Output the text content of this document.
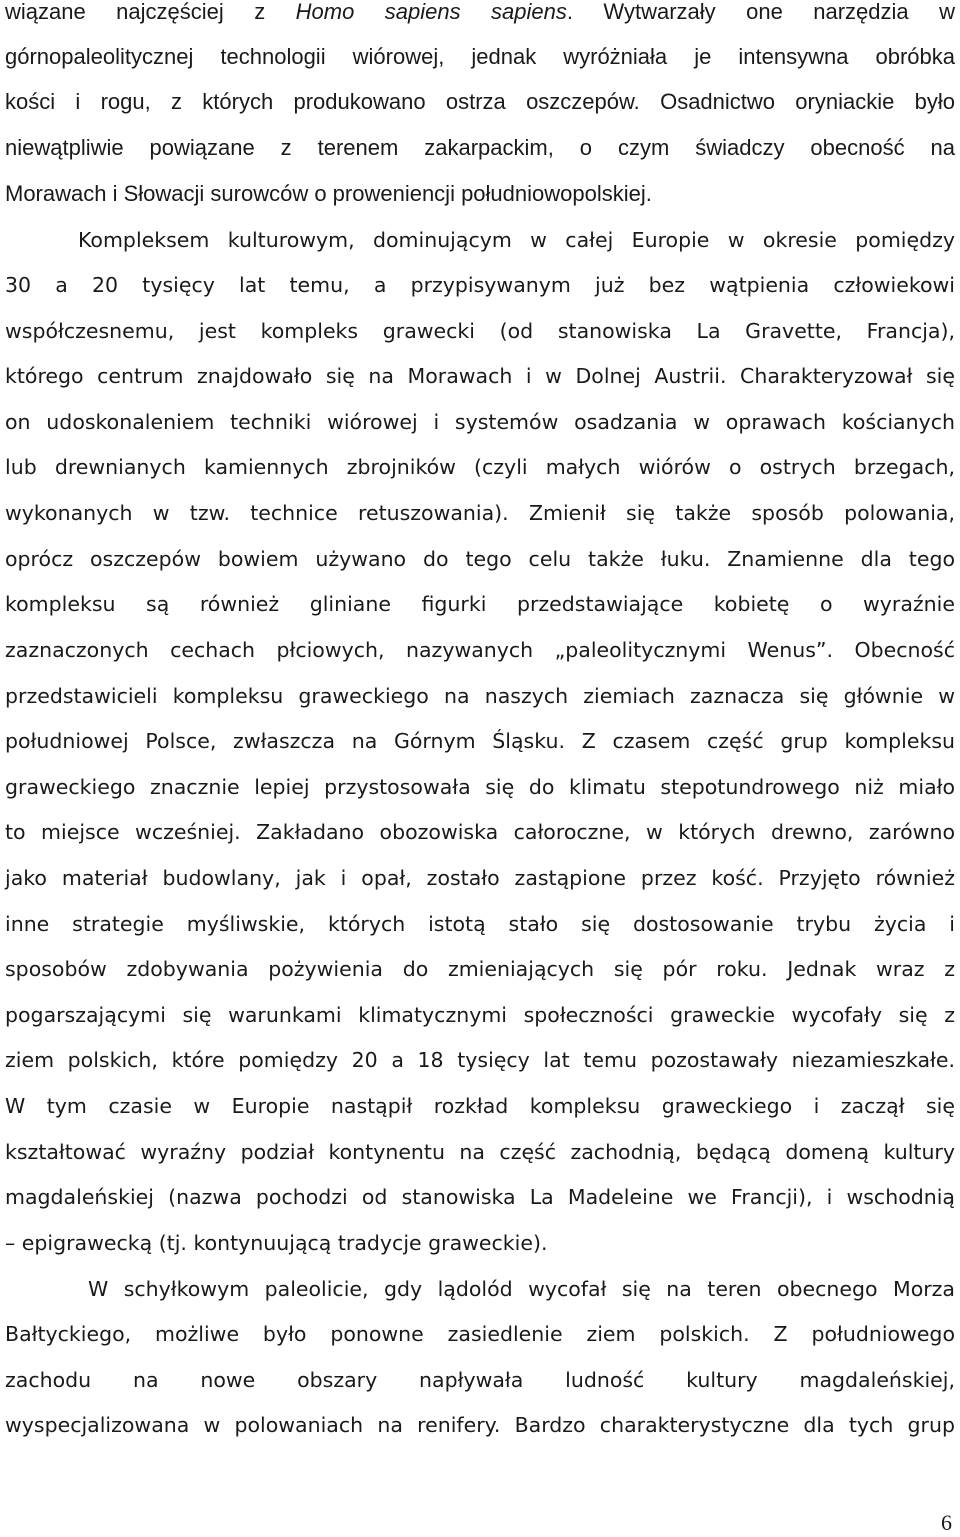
wiązane najczęściej z Homo sapiens sapiens. Wytwarzały one narzędzia w
górnopaleolitycznej technologii wiórowej, jednak wyróżniała je intensywna obróbka
kości i rogu, z których produkowano ostrza oszczepów. Osadnictwo oryniackie było
niewątpliwie powiązane z terenem zakarpackim, o czym świadczy obecność na
Morawach i Słowacji surowców o proweniencji południowopolskiej.
Kompleksem kulturowym, dominującym w całej Europie w okresie pomiędzy
30 a 20 tysięcy lat temu, a przypisywanym już bez wątpienia człowiekowi
współczesnemu, jest kompleks grawecki (od stanowiska La Gravette, Francja),
którego centrum znajdowało się na Morawach i w Dolnej Austrii. Charakteryzował się
on udoskonaleniem techniki wiórowej i systemów osadzania w oprawach kościanych
lub drewnianych kamiennych zbrojników (czyli małych wiórów o ostrych brzegach,
wykonanych w tzw. technice retuszowania). Zmienił się także sposób polowania,
oprócz oszczepów bowiem używano do tego celu także łuku. Znamienne dla tego
kompleksu są również gliniane figurki przedstawiające kobietę o wyraźnie
zaznaczonych cechach płciowych, nazywanych „paleolitycznymi Wenus”. Obecność
przedstawicieli kompleksu graweckiego na naszych ziemiach zaznacza się głównie w
południowej Polsce, zwłaszcza na Górnym Śląsku. Z czasem część grup kompleksu
graweckiego znacznie lepiej przystosowała się do klimatu stepotundrowego niż miało
to miejsce wcześniej. Zakładano obozowiska całoroczne, w których drewno, zarówno
jako materiał budowlany, jak i opał, zostało zastąpione przez kość. Przyjęto również
inne strategie myśliwskie, których istotą stało się dostosowanie trybu życia i
sposobów zdobywania pożywienia do zmieniających się pór roku. Jednak wraz z
pogarszającymi się warunkami klimatycznymi społeczności graweckie wycofały się z
ziem polskich, które pomiędzy 20 a 18 tysięcy lat temu pozostawały niezamieszkałe.
W tym czasie w Europie nastąpił rozkład kompleksu graweckiego i zaczął się
kształtować wyraźny podział kontynentu na część zachodnią, będącą domeną kultury
magdaleńskiej (nazwa pochodzi od stanowiska La Madeleine we Francji), i wschodnią
– epigrawecką (tj. kontynuującą tradycje graweckie).
W schyłkowym paleolicie, gdy lądolód wycofał się na teren obecnego Morza
Bałtyckiego, możliwe było ponowne zasiedlenie ziem polskich. Z południowego
zachodu na nowe obszary napływała ludność kultury magdaleńskiej,
wyspecjalizowana w polowaniach na renifery. Bardzo charakterystyczne dla tych grup
6
